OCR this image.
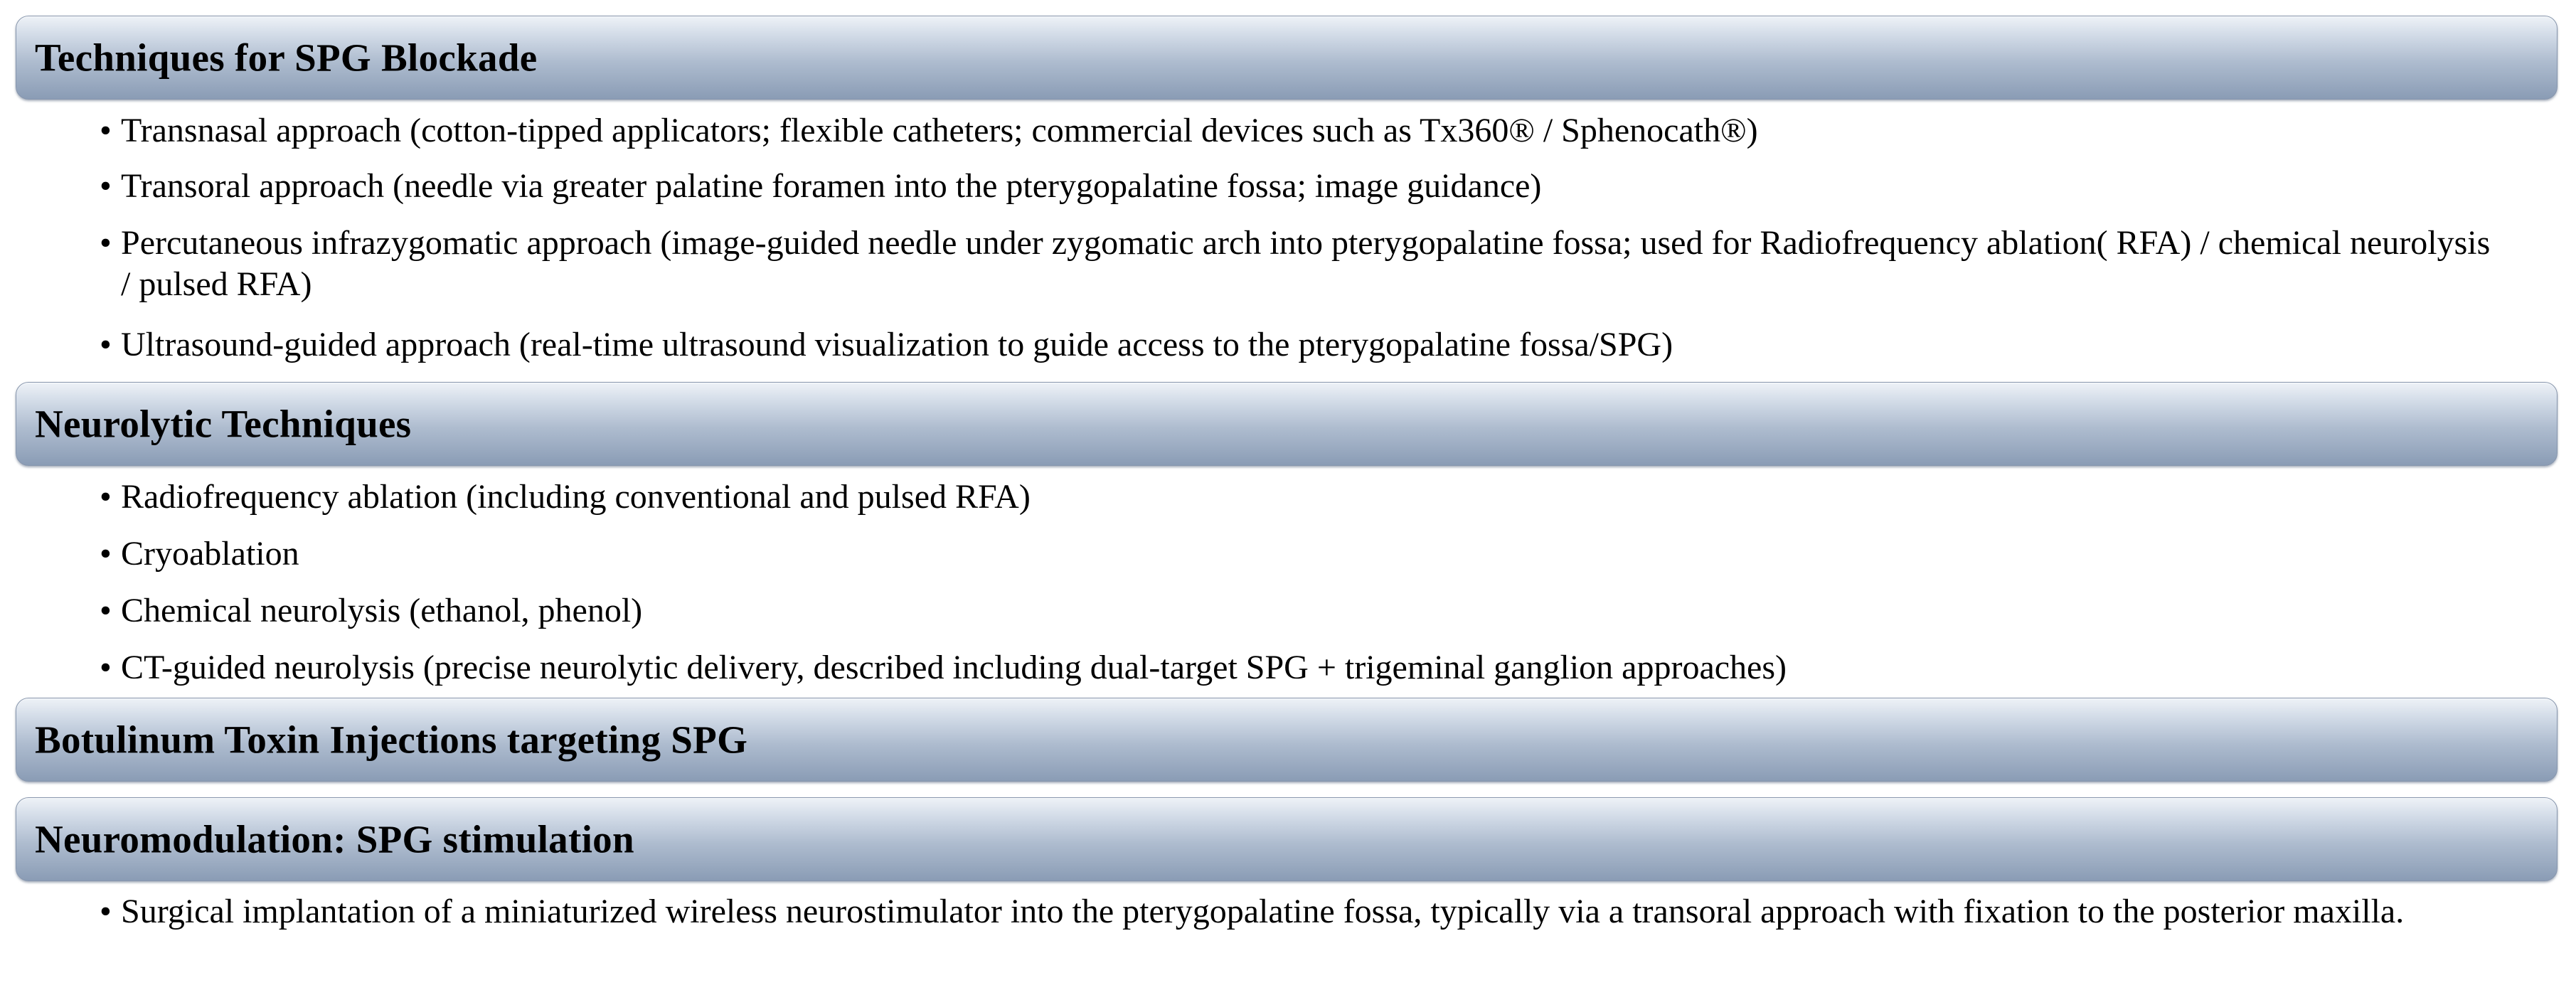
Techniques for SPG Blockade
• Transnasal approach (cotton-tipped applicators; flexible catheters; commercial devices such as Tx360® / Sphenocath®)
• Transoral approach (needle via greater palatine foramen into the pterygopalatine fossa; image guidance)
• Percutaneous infrazygomatic approach (image-guided needle under zygomatic arch into pterygopalatine fossa; used for Radiofrequency ablation( RFA) / chemical neurolysis / pulsed RFA)
• Ultrasound-guided approach (real-time ultrasound visualization to guide access to the pterygopalatine fossa/SPG)
Neurolytic Techniques
• Radiofrequency ablation (including conventional and pulsed RFA)
• Cryoablation
• Chemical neurolysis (ethanol, phenol)
• CT-guided neurolysis (precise neurolytic delivery, described including dual-target SPG + trigeminal ganglion approaches)
Botulinum Toxin Injections targeting SPG
Neuromodulation: SPG stimulation
• Surgical implantation of a miniaturized wireless neurostimulator into the pterygopalatine fossa, typically via a transoral approach with fixation to the posterior maxilla.
